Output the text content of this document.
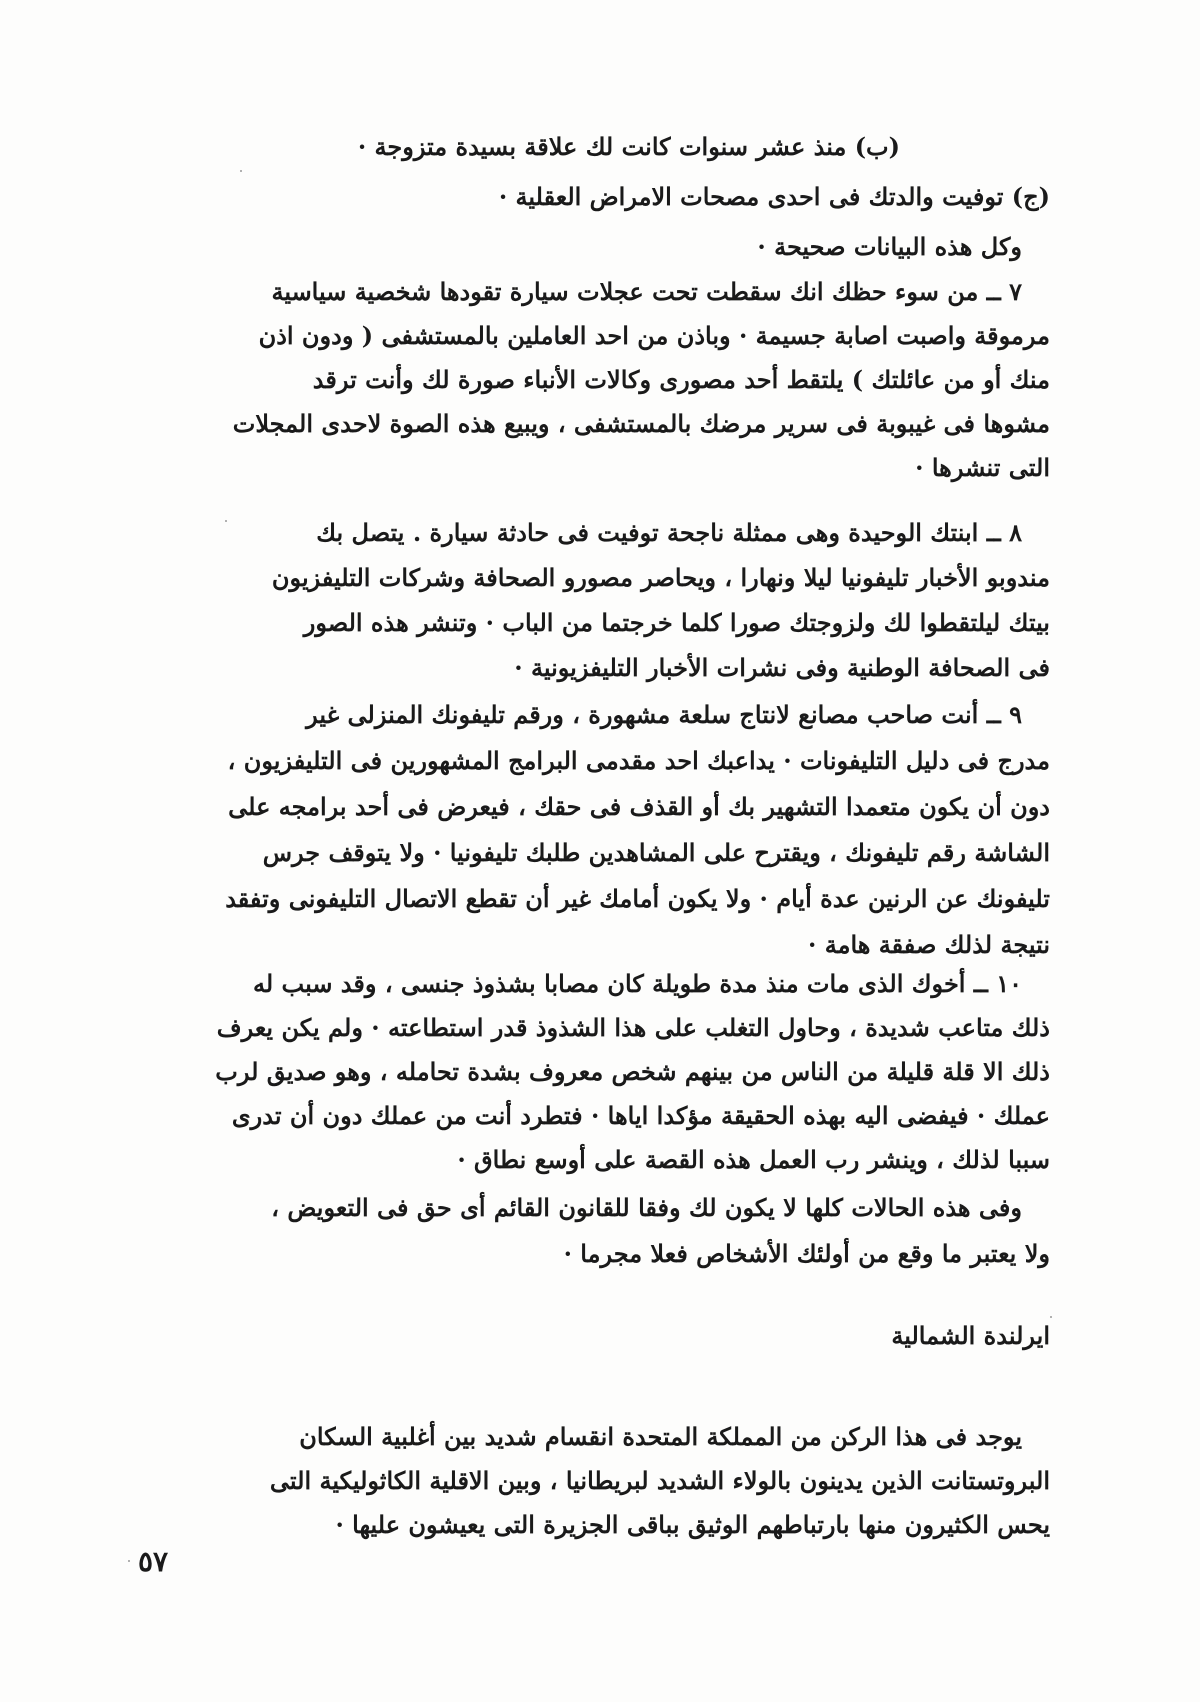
(ب) منذ عشر سنوات كانت لك علاقة بسيدة متزوجة ·
(ج) توفيت والدتك فى احدى مصحات الامراض العقلية ·
وكل هذه البيانات صحيحة ·
٧ ــ من سوء حظك انك سقطت تحت عجلات سيارة تقودها شخصية سياسية
مرموقة واصبت اصابة جسيمة · وباذن من احد العاملين بالمستشفى ( ودون اذن
منك أو من عائلتك ) يلتقط أحد مصورى وكالات الأنباء صورة لك وأنت ترقد
مشوها فى غيبوبة فى سرير مرضك بالمستشفى ، ويبيع هذه الصوة لاحدى المجلات
التى تنشرها ·
٨ ــ ابنتك الوحيدة وهى ممثلة ناجحة توفيت فى حادثة سيارة . يتصل بك
مندوبو الأخبار تليفونيا ليلا ونهارا ، ويحاصر مصورو الصحافة وشركات التليفزيون
بيتك ليلتقطوا لك ولزوجتك صورا كلما خرجتما من الباب · وتنشر هذه الصور
فى الصحافة الوطنية وفى نشرات الأخبار التليفزيونية ·
٩ ــ أنت صاحب مصانع لانتاج سلعة مشهورة ، ورقم تليفونك المنزلى غير
مدرج فى دليل التليفونات · يداعبك احد مقدمى البرامج المشهورين فى التليفزيون ،
دون أن يكون متعمدا التشهير بك أو القذف فى حقك ، فيعرض فى أحد برامجه على
الشاشة رقم تليفونك ، ويقترح على المشاهدين طلبك تليفونيا · ولا يتوقف جرس
تليفونك عن الرنين عدة أيام · ولا يكون أمامك غير أن تقطع الاتصال التليفونى وتفقد
نتيجة لذلك صفقة هامة ·
١٠ ــ أخوك الذى مات منذ مدة طويلة كان مصابا بشذوذ جنسى ، وقد سبب له
ذلك متاعب شديدة ، وحاول التغلب على هذا الشذوذ قدر استطاعته · ولم يكن يعرف
ذلك الا قلة قليلة من الناس من بينهم شخص معروف بشدة تحامله ، وهو صديق لرب
عملك · فيفضى اليه بهذه الحقيقة مؤكدا اياها · فتطرد أنت من عملك دون أن تدرى
سببا لذلك ، وينشر رب العمل هذه القصة على أوسع نطاق ·
وفى هذه الحالات كلها لا يكون لك وفقا للقانون القائم أى حق فى التعويض ،
ولا يعتبر ما وقع من أولئك الأشخاص فعلا مجرما ·
ايرلندة الشمالية
يوجد فى هذا الركن من المملكة المتحدة انقسام شديد بين أغلبية السكان
البروتستانت الذين يدينون بالولاء الشديد لبريطانيا ، وبين الاقلية الكاثوليكية التى
يحس الكثيرون منها بارتباطهم الوثيق بباقى الجزيرة التى يعيشون عليها ·
٥٧
